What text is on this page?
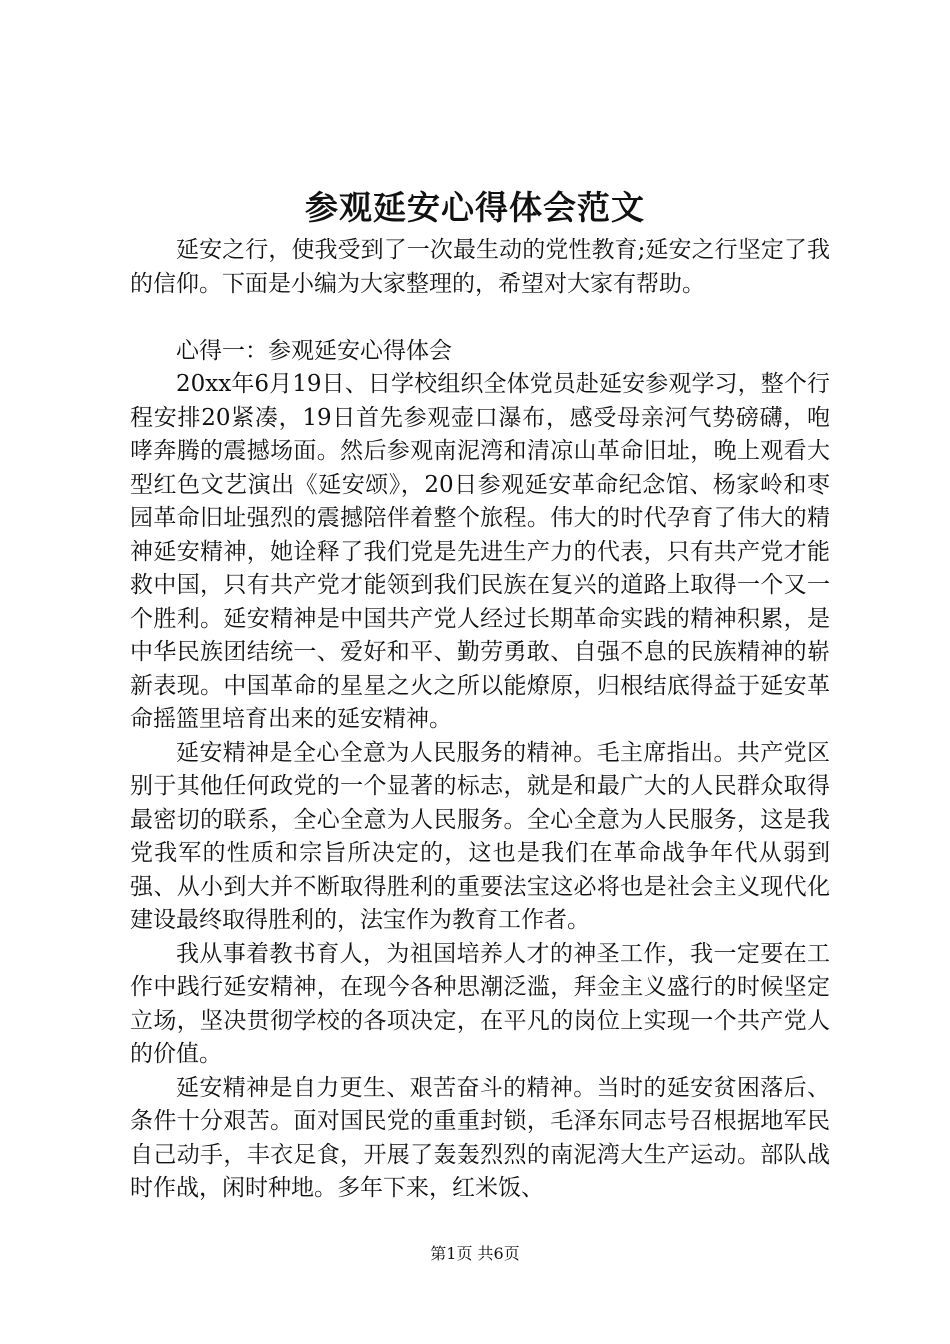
参观延安心得体会范文

延安之行，使我受到了一次最生动的党性教育;延安之行坚定了我的信仰。下面是小编为大家整理的，希望对大家有帮助。

心得一：参观延安心得体会

20xx年6月19日、日学校组织全体党员赴延安参观学习，整个行程安排20紧凑，19日首先参观壶口瀑布，感受母亲河气势磅礴，咆哮奔腾的震撼场面。然后参观南泥湾和清凉山革命旧址，晚上观看大型红色文艺演出《延安颂》，20日参观延安革命纪念馆、杨家岭和枣园革命旧址强烈的震撼陪伴着整个旅程。伟大的时代孕育了伟大的精神延安精神，她诠释了我们党是先进生产力的代表，只有共产党才能救中国，只有共产党才能领到我们民族在复兴的道路上取得一个又一个胜利。延安精神是中国共产党人经过长期革命实践的精神积累，是中华民族团结统一、爱好和平、勤劳勇敢、自强不息的民族精神的崭新表现。中国革命的星星之火之所以能燎原，归根结底得益于延安革命摇篮里培育出来的延安精神。

延安精神是全心全意为人民服务的精神。毛主席指出。共产党区别于其他任何政党的一个显著的标志，就是和最广大的人民群众取得最密切的联系，全心全意为人民服务。全心全意为人民服务，这是我党我军的性质和宗旨所决定的，这也是我们在革命战争年代从弱到强、从小到大并不断取得胜利的重要法宝这必将也是社会主义现代化建设最终取得胜利的，法宝作为教育工作者。

我从事着教书育人，为祖国培养人才的神圣工作，我一定要在工作中践行延安精神，在现今各种思潮泛滥，拜金主义盛行的时候坚定立场，坚决贯彻学校的各项决定，在平凡的岗位上实现一个共产党人的价值。

延安精神是自力更生、艰苦奋斗的精神。当时的延安贫困落后、条件十分艰苦。面对国民党的重重封锁，毛泽东同志号召根据地军民自己动手，丰衣足食，开展了轰轰烈烈的南泥湾大生产运动。部队战时作战，闲时种地。多年下来，红米饭、

第1页 共6页
